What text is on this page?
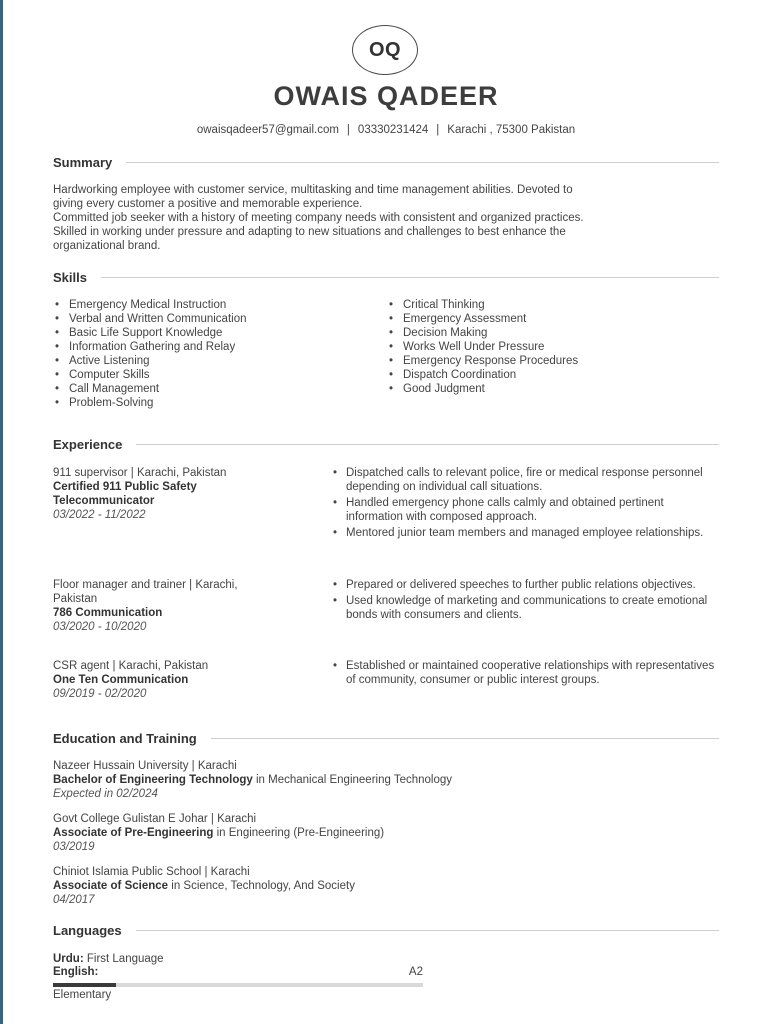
OQ
OWAIS QADEER
owaisqadeer57@gmail.com | 03330231424 | Karachi , 75300 Pakistan
Summary
Hardworking employee with customer service, multitasking and time management abilities. Devoted to
giving every customer a positive and memorable experience.
Committed job seeker with a history of meeting company needs with consistent and organized practices.
Skilled in working under pressure and adapting to new situations and challenges to best enhance the
organizational brand.
Skills
• Emergency Medical Instruction
• Verbal and Written Communication
• Basic Life Support Knowledge
• Information Gathering and Relay
• Active Listening
• Computer Skills
• Call Management
• Problem-Solving
• Critical Thinking
• Emergency Assessment
• Decision Making
• Works Well Under Pressure
• Emergency Response Procedures
• Dispatch Coordination
• Good Judgment
Experience
911 supervisor | Karachi, Pakistan
Certified 911 Public Safety
Telecommunicator
03/2022 - 11/2022
• Dispatched calls to relevant police, fire or medical response personnel depending on individual call situations.
• Handled emergency phone calls calmly and obtained pertinent information with composed approach.
• Mentored junior team members and managed employee relationships.
Floor manager and trainer | Karachi,
Pakistan
786 Communication
03/2020 - 10/2020
• Prepared or delivered speeches to further public relations objectives.
• Used knowledge of marketing and communications to create emotional bonds with consumers and clients.
CSR agent | Karachi, Pakistan
One Ten Communication
09/2019 - 02/2020
• Established or maintained cooperative relationships with representatives of community, consumer or public interest groups.
Education and Training
Nazeer Hussain University | Karachi
Bachelor of Engineering Technology in Mechanical Engineering Technology
Expected in 02/2024
Govt College Gulistan E Johar | Karachi
Associate of Pre-Engineering in Engineering (Pre-Engineering)
03/2019
Chiniot Islamia Public School | Karachi
Associate of Science in Science, Technology, And Society
04/2017
Languages
Urdu: First Language
English:	A2
Elementary
